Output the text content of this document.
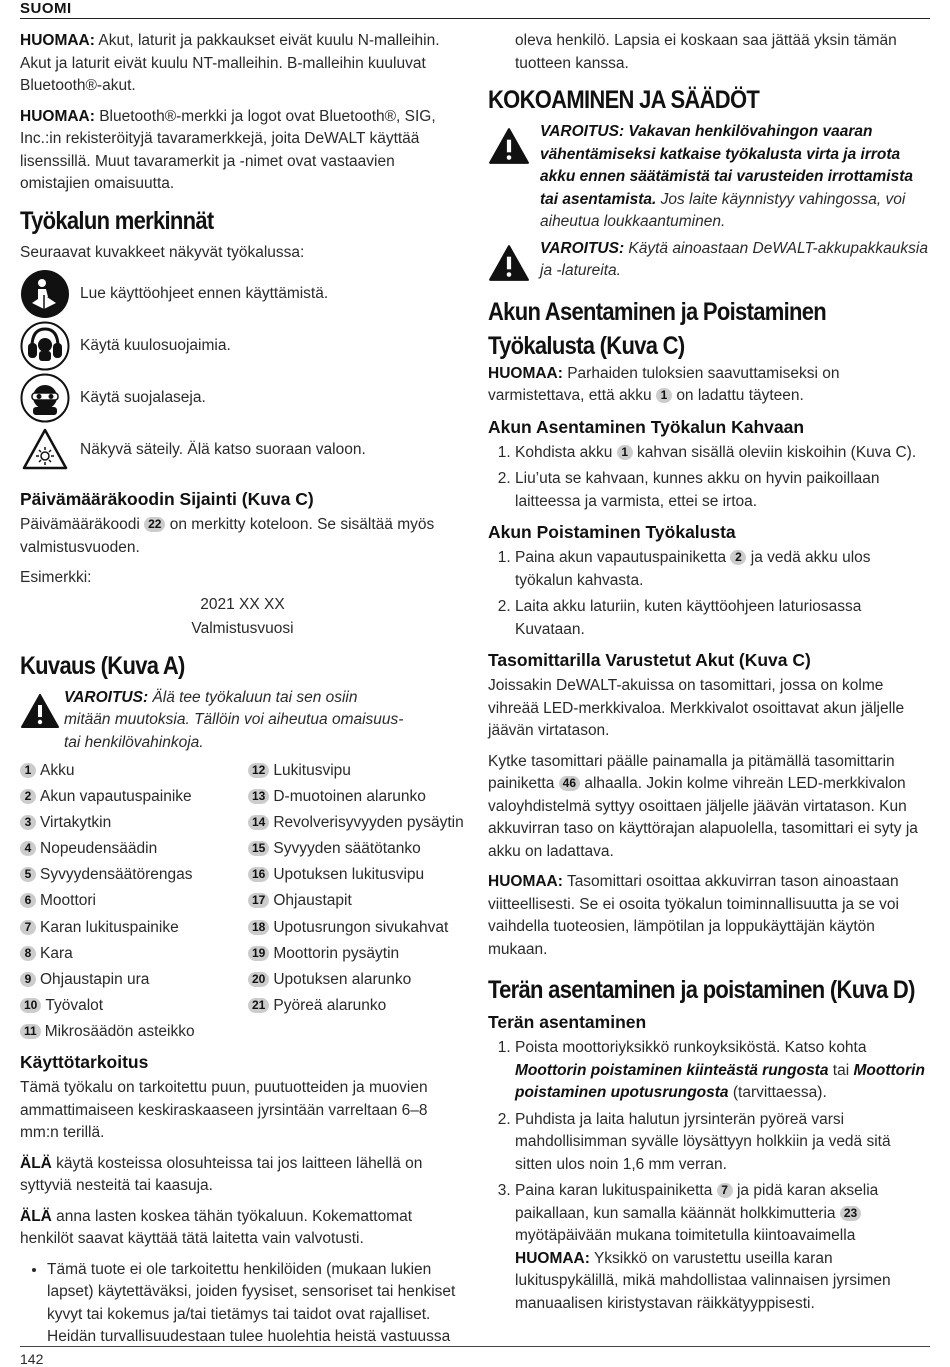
SUOMI

HUOMAA: Akut, laturit ja pakkaukset eivät kuulu N-malleihin. Akut ja laturit eivät kuulu NT-malleihin. B-malleihin kuuluvat Bluetooth®-akut.

HUOMAA: Bluetooth®-merkki ja logot ovat Bluetooth®, SIG, Inc.:in rekisteröityjä tavaramerkkejä, joita DeWALT käyttää lisenssillä. Muut tavaramerkit ja -nimet ovat vastaavien omistajien omaisuutta.

Työkalun merkinnät

Seuraavat kuvakkeet näkyvät työkalussa:

Lue käyttöohjeet ennen käyttämistä.
Käytä kuulosuojaimia.
Käytä suojalaseja.
Näkyvä säteily. Älä katso suoraan valoon.
Päivämääräkoodin Sijainti (Kuva C)

Päivämääräkoodi 22 on merkitty koteloon. Se sisältää myös valmistusvuoden.

Esimerkki:

2021 XX XX

Valmistusvuosi

Kuvaus (Kuva A)
VAROITUS: Älä tee työkaluun tai sen osiin mitään muutoksia. Tällöin voi aiheutua omaisuus- tai henkilövahinkoja.
1 Akku	12 Lukitusvipu
2 Akun vapautuspainike	13 D-muotoinen alarunko
3 Virtakytkin	14 Revolverisyvyyden pysäytin
4 Nopeudensäädin	15 Syvyyden säätötanko
5 Syvyydensäätörengas	16 Upotuksen lukitusvipu
6 Moottori	17 Ohjaustapit
7 Karan lukituspainike	18 Upotusrungon sivukahvat
8 Kara	19 Moottorin pysäytin
9 Ohjaustapin ura	20 Upotuksen alarunko
10 Työvalot	21 Pyöreä alarunko
11 Mikrosäädön asteikko
Käyttötarkoitus

Tämä työkalu on tarkoitettu puun, puutuotteiden ja muovien ammattimaiseen keskiraskaaseen jyrsintään varreltaan 6–8 mm:n terillä.

ÄLÄ käytä kosteissa olosuhteissa tai jos laitteen lähellä on syttyviä nesteitä tai kaasuja.

ÄLÄ anna lasten koskea tähän työkaluun. Kokemattomat henkilöt saavat käyttää tätä laitetta vain valvotusti.

• Tämä tuote ei ole tarkoitettu henkilöiden (mukaan lukien lapset) käytettäväksi, joiden fyysiset, sensoriset tai henkiset kyvyt tai kokemus ja/tai tietämys tai taidot ovat rajalliset. Heidän turvallisuudestaan tulee huolehtia heistä vastuussa

oleva henkilö. Lapsia ei koskaan saa jättää yksin tämän tuotteen kanssa.

KOKOAMINEN JA SÄÄDÖT
VAROITUS: Vakavan henkilövahingon vaaran vähentämiseksi katkaise työkalusta virta ja irrota akku ennen säätämistä tai varusteiden irrottamista tai asentamista. Jos laite käynnistyy vahingossa, voi aiheutua loukkaantuminen.
VAROITUS: Käytä ainoastaan DeWALT-akkupakkauksia ja -latureita.
Akun Asentaminen ja Poistaminen
Työkalusta (Kuva C)

HUOMAA: Parhaiden tuloksien saavuttamiseksi on varmistettava, että akku 1 on ladattu täyteen.

Akun Asentaminen Työkalun Kahvaan
1. Kohdista akku 1 kahvan sisällä oleviin kiskoihin (Kuva C).
2. Liu’uta se kahvaan, kunnes akku on hyvin paikoillaan laitteessa ja varmista, ettei se irtoa.
Akun Poistaminen Työkalusta
1. Paina akun vapautuspainiketta 2 ja vedä akku ulos työkalun kahvasta.
2. Laita akku laturiin, kuten käyttöohjeen laturiosassa Kuvataan.
Tasomittarilla Varustetut Akut (Kuva C)

Joissakin DeWALT-akuissa on tasomittari, jossa on kolme vihreää LED-merkkivaloa. Merkkivalot osoittavat akun jäljelle jäävän virtatason.

Kytke tasomittari päälle painamalla ja pitämällä tasomittarin painiketta 46 alhaalla. Jokin kolme vihreän LED-merkkivalon valoyhdistelmä syttyy osoittaen jäljelle jäävän virtatason. Kun akkuvirran taso on käyttörajan alapuolella, tasomittari ei syty ja akku on ladattava.

HUOMAA: Tasomittari osoittaa akkuvirran tason ainoastaan viitteellisesti. Se ei osoita työkalun toiminnallisuutta ja se voi vaihdella tuoteosien, lämpötilan ja loppukäyttäjän käytön mukaan.

Terän asentaminen ja poistaminen (Kuva D)
Terän asentaminen
1. Poista moottoriyksikkö runkoyksiköstä. Katso kohta Moottorin poistaminen kiinteästä rungosta tai Moottorin poistaminen upotusrungosta (tarvittaessa).
2. Puhdista ja laita halutun jyrsinterän pyöreä varsi mahdollisimman syvälle löysättyyn holkkiin ja vedä sitä sitten ulos noin 1,6 mm verran.
3. Paina karan lukituspainiketta 7 ja pidä karan akselia paikallaan, kun samalla käännät holkkimutteria 23 myötäpäivään mukana toimitetulla kiintoavaimella
HUOMAA: Yksikkö on varustettu useilla karan lukituspykälillä, mikä mahdollistaa valinnaisen jyrsimen manuaalisen kiristystavan räikkätyyppisesti.
142
